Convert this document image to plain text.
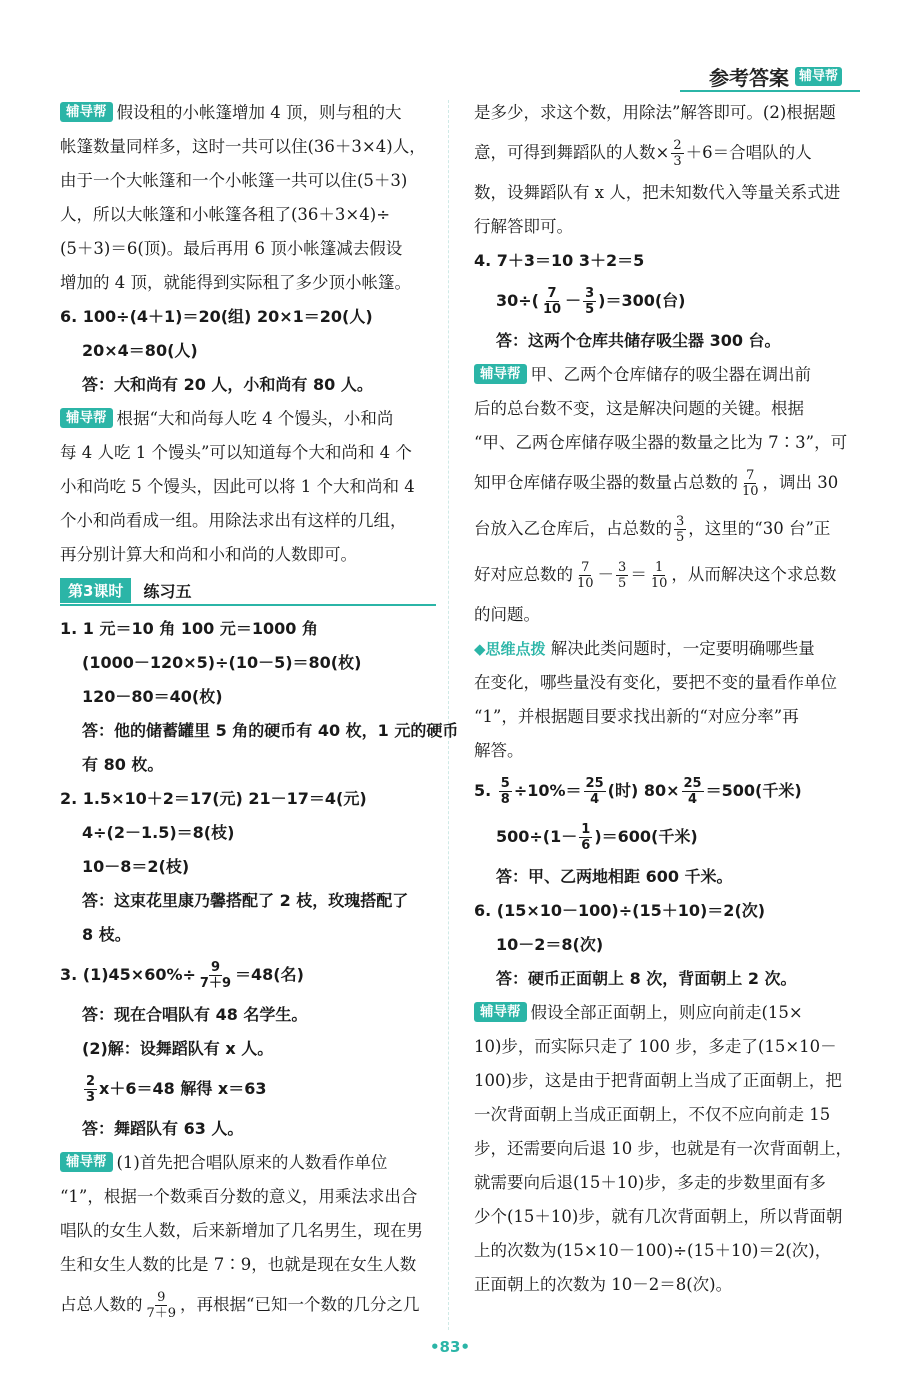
参考答案 辅导帮
辅导帮 假设租的小帐篷增加 4 顶，则与租的大
帐篷数量同样多，这时一共可以住(36＋3×4)人，
由于一个大帐篷和一个小帐篷一共可以住(5＋3)
人，所以大帐篷和小帐篷各租了(36＋3×4)÷
(5＋3)＝6(顶)。最后再用 6 顶小帐篷减去假设
增加的 4 顶，就能得到实际租了多少顶小帐篷。
6. 100÷(4＋1)＝20(组) 20×1＝20(人)
20×4＝80(人)
答：大和尚有 20 人，小和尚有 80 人。
辅导帮 根据“大和尚每人吃 4 个馒头，小和尚
每 4 人吃 1 个馒头”可以知道每个大和尚和 4 个
小和尚吃 5 个馒头，因此可以将 1 个大和尚和 4
个小和尚看成一组。用除法求出有这样的几组，
再分别计算大和尚和小和尚的人数即可。
第3课时	练习五
1. 1 元＝10 角 100 元＝1000 角
(1000－120×5)÷(10－5)＝80(枚)
120－80＝40(枚)
答：他的储蓄罐里 5 角的硬币有 40 枚，1 元的硬币
有 80 枚。
2. 1.5×10＋2＝17(元) 21－17＝4(元)
4÷(2－1.5)＝8(枝)
10－8＝2(枝)
答：这束花里康乃馨搭配了 2 枝，玫瑰搭配了
8 枝。
3. $(1)45\times 60\%\div \frac{9}{7+9} =48$(名)
答：现在合唱队有 48 名学生。
(2)解：设舞蹈队有 x 人。
$\frac{2}{3} x+6=48$ 解得 x＝63
答：舞蹈队有 63 人。
辅导帮 (1)首先把合唱队原来的人数看作单位
“1”，根据一个数乘百分数的意义，用乘法求出合
唱队的女生人数，后来新增加了几名男生，现在男
生和女生人数的比是 7∶9，也就是现在女生人数
占总人数的 $\frac{9}{7+9}$ ，再根据“已知一个数的几分之几
是多少，求这个数，用除法”解答即可。(2)根据题
意，可得到舞蹈队的人数× $\frac{2}{3} +6=$合唱队的人
数，设舞蹈队有 x 人，把未知数代入等量关系式进
行解答即可。
4. 7＋3＝10 3＋2＝5
$30\div( \frac{7}{10} - \frac{3}{5} )=300$(台)
答：这两个仓库共储存吸尘器 300 台。
辅导帮 甲、乙两个仓库储存的吸尘器在调出前
后的总台数不变，这是解决问题的关键。根据
“甲、乙两仓库储存吸尘器的数量之比为 7∶3”，可
知甲仓库储存吸尘器的数量占总数的 $\frac{7}{10}$ ，调出 30
台放入乙仓库后，占总数的 $\frac{3}{5}$ ，这里的“30 台”正
好对应总数的 $\frac{7}{10} - \frac{3}{5} = \frac{1}{10}$ ，从而解决这个求总数
的问题。
◆思维点拨 解决此类问题时，一定要明确哪些量
在变化，哪些量没有变化，要把不变的量看作单位
“1”，并根据题目要求找出新的“对应分率”再
解答。
5. $\frac{5}{8} \div 10\%= \frac{25}{4}$ (时) $80\times \frac{25}{4} =500$(千米)
$500\div(1- \frac{1}{6} )=600$(千米)
答：甲、乙两地相距 600 千米。
6. (15×10－100)÷(15＋10)＝2(次)
10－2＝8(次)
答：硬币正面朝上 8 次，背面朝上 2 次。
辅导帮 假设全部正面朝上，则应向前走(15×
10)步，而实际只走了 100 步，多走了(15×10－
100)步，这是由于把背面朝上当成了正面朝上，把
一次背面朝上当成正面朝上，不仅不应向前走 15
步，还需要向后退 10 步，也就是有一次背面朝上，
就需要向后退(15＋10)步，多走的步数里面有多
少个(15＋10)步，就有几次背面朝上，所以背面朝
上的次数为(15×10－100)÷(15＋10)＝2(次)，
正面朝上的次数为 10－2＝8(次)。
•83•
